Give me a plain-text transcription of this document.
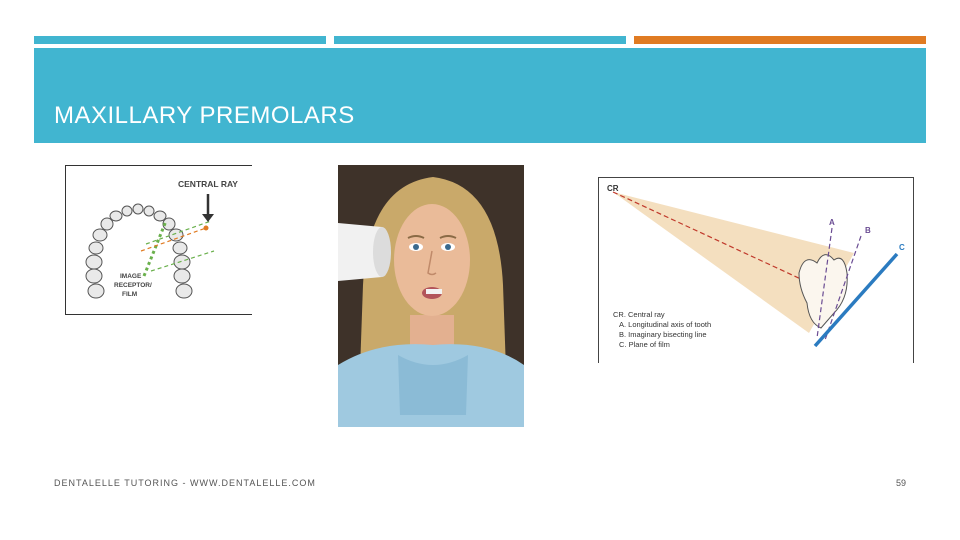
MAXILLARY PREMOLARS
CENTRAL RAY
IMAGE
RECEPTOR/
FILM
CR
A
B
C
CR. Central ray
A. Longitudinal axis of tooth
B. Imaginary bisecting line
C. Plane of film
DENTALELLE TUTORING - WWW.DENTALELLE.COM	59
